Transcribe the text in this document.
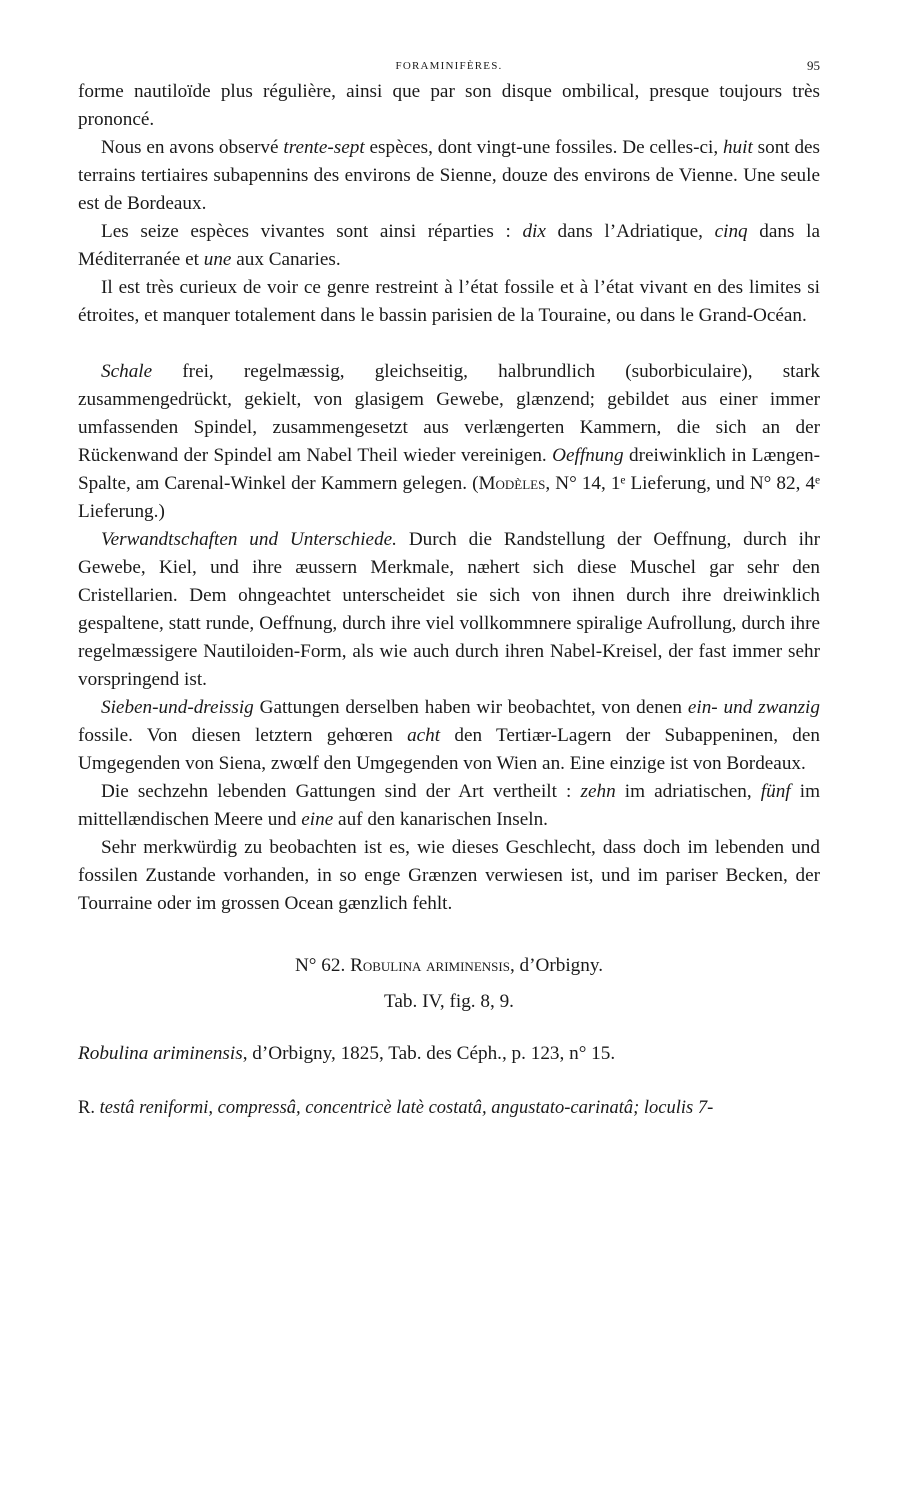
FORAMINIFÈRES.	95

forme nautiloïde plus régulière, ainsi que par son disque ombilical, presque toujours très prononcé.

Nous en avons observé trente-sept espèces, dont vingt-une fossiles. De celles-ci, huit sont des terrains tertiaires subapennins des environs de Sienne, douze des environs de Vienne. Une seule est de Bordeaux.

Les seize espèces vivantes sont ainsi réparties : dix dans l’Adriatique, cinq dans la Méditerranée et une aux Canaries.

Il est très curieux de voir ce genre restreint à l’état fossile et à l’état vivant en des limites si étroites, et manquer totalement dans le bassin parisien de la Touraine, ou dans le Grand-Océan.

Schale frei, regelmæssig, gleichseitig, halbrundlich (suborbiculaire), stark zusammengedrückt, gekielt, von glasigem Gewebe, glænzend; gebildet aus einer immer umfassenden Spindel, zusammengesetzt aus verlængerten Kammern, die sich an der Rückenwand der Spindel am Nabel Theil wieder vereinigen. Oeffnung dreiwinklich in Længen-Spalte, am Carenal-Winkel der Kammern gelegen. (Modèles, N° 14, 1ᵉ Lieferung, und N° 82, 4ᵉ Lieferung.)

Verwandtschaften und Unterschiede. Durch die Randstellung der Oeffnung, durch ihr Gewebe, Kiel, und ihre æussern Merkmale, næhert sich diese Muschel gar sehr den Cristellarien. Dem ohngeachtet unterscheidet sie sich von ihnen durch ihre dreiwinklich gespaltene, statt runde, Oeffnung, durch ihre viel vollkommnere spiralige Aufrollung, durch ihre regelmæssigere Nautiloiden-Form, als wie auch durch ihren Nabel-Kreisel, der fast immer sehr vorspringend ist.

Sieben-und-dreissig Gattungen derselben haben wir beobachtet, von denen ein- und zwanzig fossile. Von diesen letztern gehœren acht den Tertiær-Lagern der Subappeninen, den Umgegenden von Siena, zwœlf den Umgegenden von Wien an. Eine einzige ist von Bordeaux.

Die sechzehn lebenden Gattungen sind der Art vertheilt : zehn im adriatischen, fünf im mittellændischen Meere und eine auf den kanarischen Inseln.

Sehr merkwürdig zu beobachten ist es, wie dieses Geschlecht, dass doch im lebenden und fossilen Zustande vorhanden, in so enge Grænzen verwiesen ist, und im pariser Becken, der Tourraine oder im grossen Ocean gænzlich fehlt.

N° 62. Robulina ariminensis, d’Orbigny.
Tab. IV, fig. 8, 9.
Robulina ariminensis, d’Orbigny, 1825, Tab. des Céph., p. 123, n° 15.
R. testâ reniformi, compressâ, concentricè latè costatâ, angustato-carinatâ; loculis 7-
